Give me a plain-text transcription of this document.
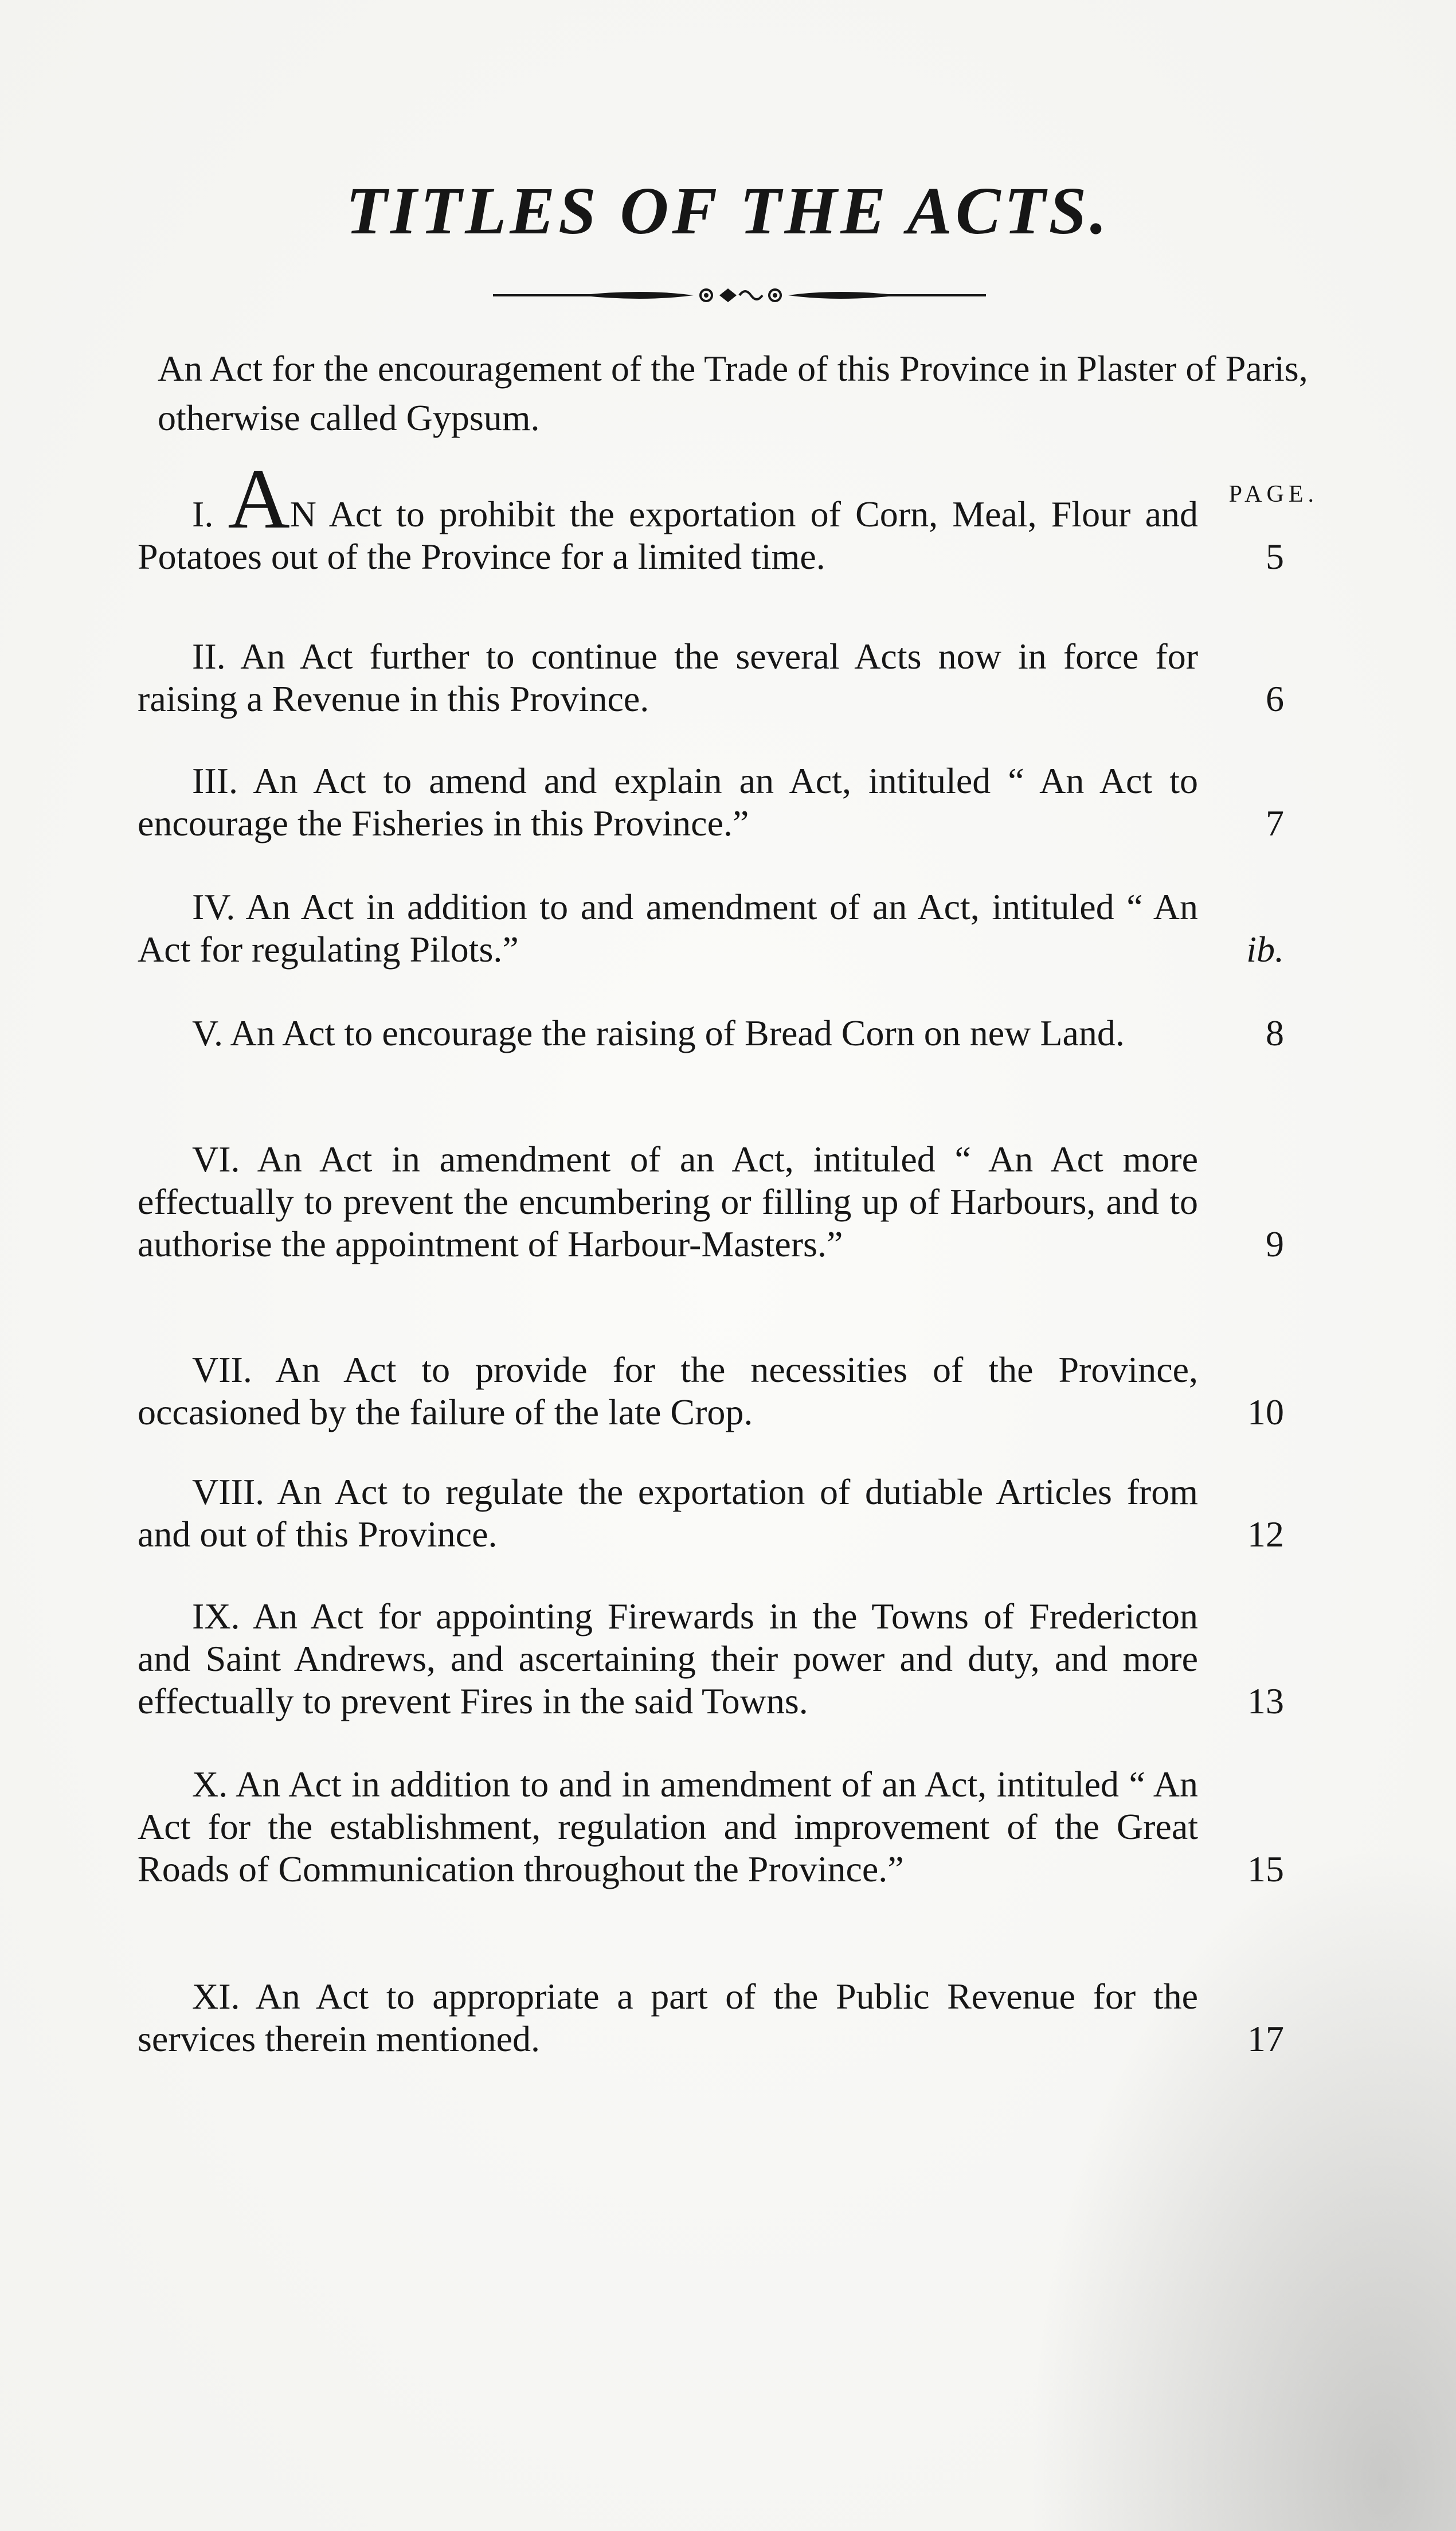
TITLES OF THE ACTS.

An Act for the encouragement of the Trade of this Province in Plaster of Paris, otherwise called Gypsum.

PAGE.

I. AN Act to prohibit the exportation of Corn, Meal, Flour and Potatoes out of the Province for a limited time.	5

II. An Act further to continue the several Acts now in force for raising a Revenue in this Province.	6

III. An Act to amend and explain an Act, intituled “ An Act to encourage the Fisheries in this Province.”	7

IV. An Act in addition to and amendment of an Act, intituled “ An Act for regulating Pilots.”	ib.

V. An Act to encourage the raising of Bread Corn on new Land.	8

VI. An Act in amendment of an Act, intituled “ An Act more effectually to prevent the encumbering or filling up of Harbours, and to authorise the appointment of Harbour-Masters.”	9

VII. An Act to provide for the necessities of the Province, occasioned by the failure of the late Crop.	10

VIII. An Act to regulate the exportation of dutiable Articles from and out of this Province.	12

IX. An Act for appointing Firewards in the Towns of Fredericton and Saint Andrews, and ascertaining their power and duty, and more effectually to prevent Fires in the said Towns.	13

X. An Act in addition to and in amendment of an Act, intituled “ An Act for the establishment, regulation and improvement of the Great Roads of Communication throughout the Province.”	15

XI. An Act to appropriate a part of the Public Revenue for the services therein mentioned.	17
